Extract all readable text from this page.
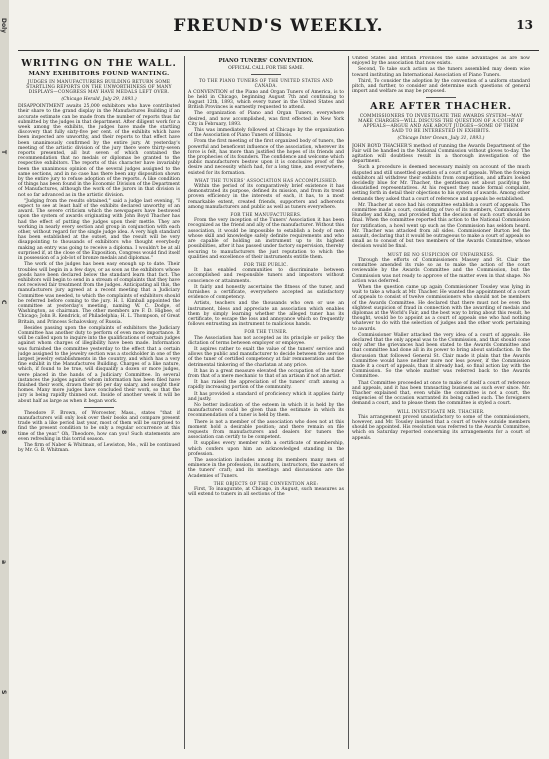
Doly
T
C
8
a
S
FREUND'S WEEKLY.	13
WRITING ON THE WALL.
MANY EXHIBITORS FOUND WANTING.
JUDGES IN MANUFACTURERS BUILDING RETURN SOME STARTLING REPORTS ON THE UNWORTHINESS OF MANY DISPLAYS—CONGRESS MAY HAVE MEDALS LEFT OVER.
(Chicago Herald, July 29, 1893.)

DISAPPOINTMENT awaits 25,000 exhibitors who have contributed their share to the grand display in the Manufactures Building if an accurate estimate can be made from the number of reports thus far submitted by the judges in that department. After diligent work for a week among the exhibits, the judges have made the startling discovery that fully sixty-five per cent. of the exhibits which have been inspected are unworthy, and their reports to that effect have been unanimously confirmed by the entire jury. At yesterday's meeting of the artistic division of the jury there were thirty-seven reports presented, all but seven of which contained the recommendation that no medals or diplomas be granted to the respective exhibitors. The reports of this character have invariably been the unanimous opinion of the several judges assigned to the same sections, and in no case has there been any disposition shown by the entire jury to refuse adoption of the reports. A like condition of things has been found in the Economic Division of the Department of Manufactures, although the work of the jurors in that division is not so far advanced as in the artistic division.

"Judging from the results obtained," said a judge last evening, "I expect to see at least half of the exhibits declared unworthy of an award. The severe criticism which the newspapers have bestowed upon the system of awards originating with John Boyd Thacher has had the effect of putting the judges upon their mettle. They are working in nearly every section and group in conjunction with each other, without regard for the single judge idea. A very high standard has been established at the outset, and the result will be very disappointing to thousands of exhibitors who thought everybody making an entry was going to receive a diploma. I wouldn't be at all surprised if, at the close of the Exposition, Congress would find itself in possession of a job-lot of bronze medals and diplomas."

The work of the judges has been easy enough up to date. Their troubles will begin in a few days, or as soon as the exhibitors whose goods have been declared below the standard learn that fact. The exhibitors will begin to send in a stream of complaints that they have not received fair treatment from the judges. Anticipating all this, the manufacturers jury agreed at a recent meeting that a Judiciary Committee was needed, to which the complaints of exhibitors should be referred before coming to the jury. H. I. Kimball appointed the committee at yesterday's meeting, naming W. C. Dodge, of Washington, as chairman. The other members are F. D. Higbee, of Chicago; John R. Kendrick, of Philadelphia; H. L. Thompson, of Great Britain, and Princess Schalovskoy, of Russia.

Besides passing upon the complaints of exhibitors the Judiciary Committee has another duty to perform of even more importance. It will be called upon to inquire into the qualifications of certain judges against whom charges of illegibility have been made. Information was furnished the committee yesterday to the effect that a certain judge assigned to the jewelry section was a stockholder in one of the largest jewelry establishments in the country, and which has a very fine exhibit in the Manufactures Building. Charges of a like nature, which, if found to be true, will disqualify a dozen or more judges, were placed in the hands of a Judiciary Committee. In several instances the judges against whom information has been filed have finished their work, drawn their $6 per day salary, and sought their homes. Many more judges have concluded their work, so that the jury is being rapidly thinned out. Inside of another week it will be about half as large as when it began work.

Theodore F. Brown, of Worcester, Mass., states "that if manufacturers will only look over their books and compare present trade with a like period last year, most of them will be surprised to find the present condition to be only a regular occurrence at this time of the year." Oh, Theodore, how can you! Such statements are even refreshing in this torrid season.

The firm of Naber & Whitman, of Lewiston, Me., will be continued by Mr. G. B. Whitman.

PIANO TUNERS' CONVENTION.
OFFICIAL CALL FOR THE SAME.
TO THE PIANO TUNERS OF THE UNITED STATES AND CANADA.

A CONVENTION of the Piano and Organ Tuners of America, is to be held in Chicago, beginning August 7th and continuing to August 12th, 1893, which every tuner in the United States and British Provinces is earnestly requested to attend.

The organization of Piano and Organ Tuners, everywhere desired, and now accomplished, was first effected in New York City in February, 1893.

This was immediately followed at Chicago by the organization of the Association of Piano Tuners of Illinois.

From the first meeting of the first organized body of tuners, the powerful and beneficent influence of the association, wherever its force is felt, has more than justified the hopes of its friends and the prophecies of its founders. The confidence and welcome which public manufacturers bestow upon it is conclusive proof of the desire and necessity which had, for a long time, and everywhere, existed for its formation.

WHAT THE TUNERS' ASSOCIATION HAS ACCOMPLISHED.

Within the period of its comparatively brief existence it has demonstrated its purpose, defined its mission, and from its trend proven efficiency in the interests of each, it has, to a most remarkable extent, created friends, supporters and adherents among manufacturers and public as well as tuners everywhere.

FOR THE MANUFACTURERS.

From the very inception of the Tuners' Association it has been recognized as the friend and ally of the manufacturer. Without this association, it would be impossible to establish a body of men whose skill and knowledge safely definite requirements and who are capable of holding an instrument up to its highest possibilities, after it has passed under factory supervision, thereby securing to manufacturers the just reputation to which the qualities and excellence of their instruments entitle them.

FOR THE PUBLIC.

It has enabled communities to discriminate between accomplished and responsible tuners and impostors without conscience or attainments.

It fairly and honestly ascertains the fitness of the tuner, and furnishes a certificate, everywhere accepted as satisfactory evidence of competency.

Artists, teachers and the thousands who own or use an instrument, bless and appreciate an association which enables them by simply learning whether the alleged tuner has its certificate, to escape the loss and annoyance which so frequently follows entrusting an instrument to malicious hands.

FOR THE TUNER.

The Association has not accepted as its principle or policy the dictation of terms between employer or employee.

It aspires rather to exalt the value of the tuners' service and allows the public and manufacturer to decide between the service of the tuner of certified competency at fair remuneration and the detrimental tinkering of the charlatan at any price.

It has in a great measure elevated the occupation of the tuner from that of a mere mechanic to that of an artisan if not an artist.

It has raised the appreciation of the tuners' craft among a rapidly increasing portion of the community.

It has provided a standard of proficiency which it applies fairly and justly.

No better indication of the esteem in which it is held by the manufacturers could be given than the estimate in which its recommendation of a tuner is held by them.

There is not a member of the association who does not at this moment hold a desirable position; and there remain on file requests from manufacturers and dealers for tuners the association can certify to be competent.

It supplies every member with a certificate of membership, which confers upon him an acknowledged standing in the profession.

The association includes among its members many men of eminence in the profession, its authors, instructors, the masters of the tuners' craft; and its meetings and discussions are the Academies of Tuners.

THE OBJECTS OF THE CONVENTION ARE:

First, To inaugurate, at Chicago, in August, such measures as will extend to tuners in all sections of the

United States and British Provinces the same advantages as are now enjoyed by the association that now exists.

Second, To take such action as the tuners assembled may deem wise toward instituting an International Association of Piano Tuners.

Third, To consider the adoption by the convention of a uniform standard pitch, and further, to consider and determine such questions of general import and welfare as may be proposed.

ARE AFTER THACHER.
COMMISSIONERS TO INVESTIGATE THE AWARDS SYSTEM—MAY MAKE CHARGES—WILL DISCUSS THE QUESTION OF A COURT OF APPEALS—ARGUE AND ASK ABOUT JUDGES—SOME OF THEM SAID TO BE INTERESTED IN EXHIBITS.
(Chicago Inter Ocean, July 31, 1893.)

JOHN BOYD THACHER'S method of running the Awards Department of the Fair will be handled in the National Commission without gloves to-day. The agitation will doubtless result in a thorough investigation of the department.

Such a procedure is deemed necessary mainly on account of the much disputed and still unsettled question of a court of appeals. When the foreign exhibitors all withdrew their exhibits from competition, and affairs looked decidedly blue for Mr. Thacher, the gentleman set about pacifying the dissatisfied representatives. At his request they made formal complaint, setting forth in detail their objections to his system of awards. Among other demands they asked that a court of reference and appeals be established.

Mr. Thacher at once had his committee establish a court of appeals. The committee made a court, consisting of two of its members, Commissioners Hundley and King, and provided that the decision of such court should be final. When the committee reported this action to the National Commission for ratification, a howl went up such as the Commission has seldom heard. Mr. Thacher was attacked from all sides. Commissioner Burton led the assault, declaring that it would be outrageous to make a court of appeals so small as to consist of but two members of the Awards Committee, whose decision would be final.

MUST BE NO SUSPICION OF UNFAIRNESS.

Through the efforts of Commissioners Massey and St. Clair the committee amended its rule so as to make the action of the court reviewable by the Awards Committee and the Commission, but the Commission was not ready to approve of the matter even in that shape. No action was deferred.

When the question came up again Commissioner Tousley was lying in wait to take a whack at Mr. Thacher. He wanted the appointment of a court of appeals to consist of twelve commissioners who should not be members of the Awards Committee. He declared that there must not be even the slightest suspicion of fraud in connection with the awarding of medals and diplomas at the World's Fair, and the best way to bring about this result, he thought, would be to appoint as a court of appeals one who had nothing whatever to do with the selection of judges and the other work pertaining to awards.

Commissioner Waller attacked the very idea of a court of appeals. He declared that the only appeal was to the Commission, and that should come only after the grievances had been stated to the Awards Committee and that committee had done all in its power to bring about satisfaction. In the discussion that followed General St. Clair made it plain that the Awards Committee would have neither more nor less power, if the Commission made it a court of appeals, than it already had, so final action lay with the Commission. So the whole matter was referred back to the Awards Committee.

That Committee proceeded at once to make of itself a court of reference and appeals, and it has been transacting business as such ever since. Mr. Thacher explained that, even while the committee is not a court, the exigencies of the occasion warranted its being called such. The foreigners demand a court, and to please them the committee is styled a court.

WILL INVESTIGATE MR. THACHER.

This arrangement proved unsatisfactory to some of the commissioners, however, and Mr. Tousley insisted that a court of twelve outside members should be appointed. His resolution was referred to the Awards Committee, which on Saturday reported concerning its arrangements for a court of appeals.
